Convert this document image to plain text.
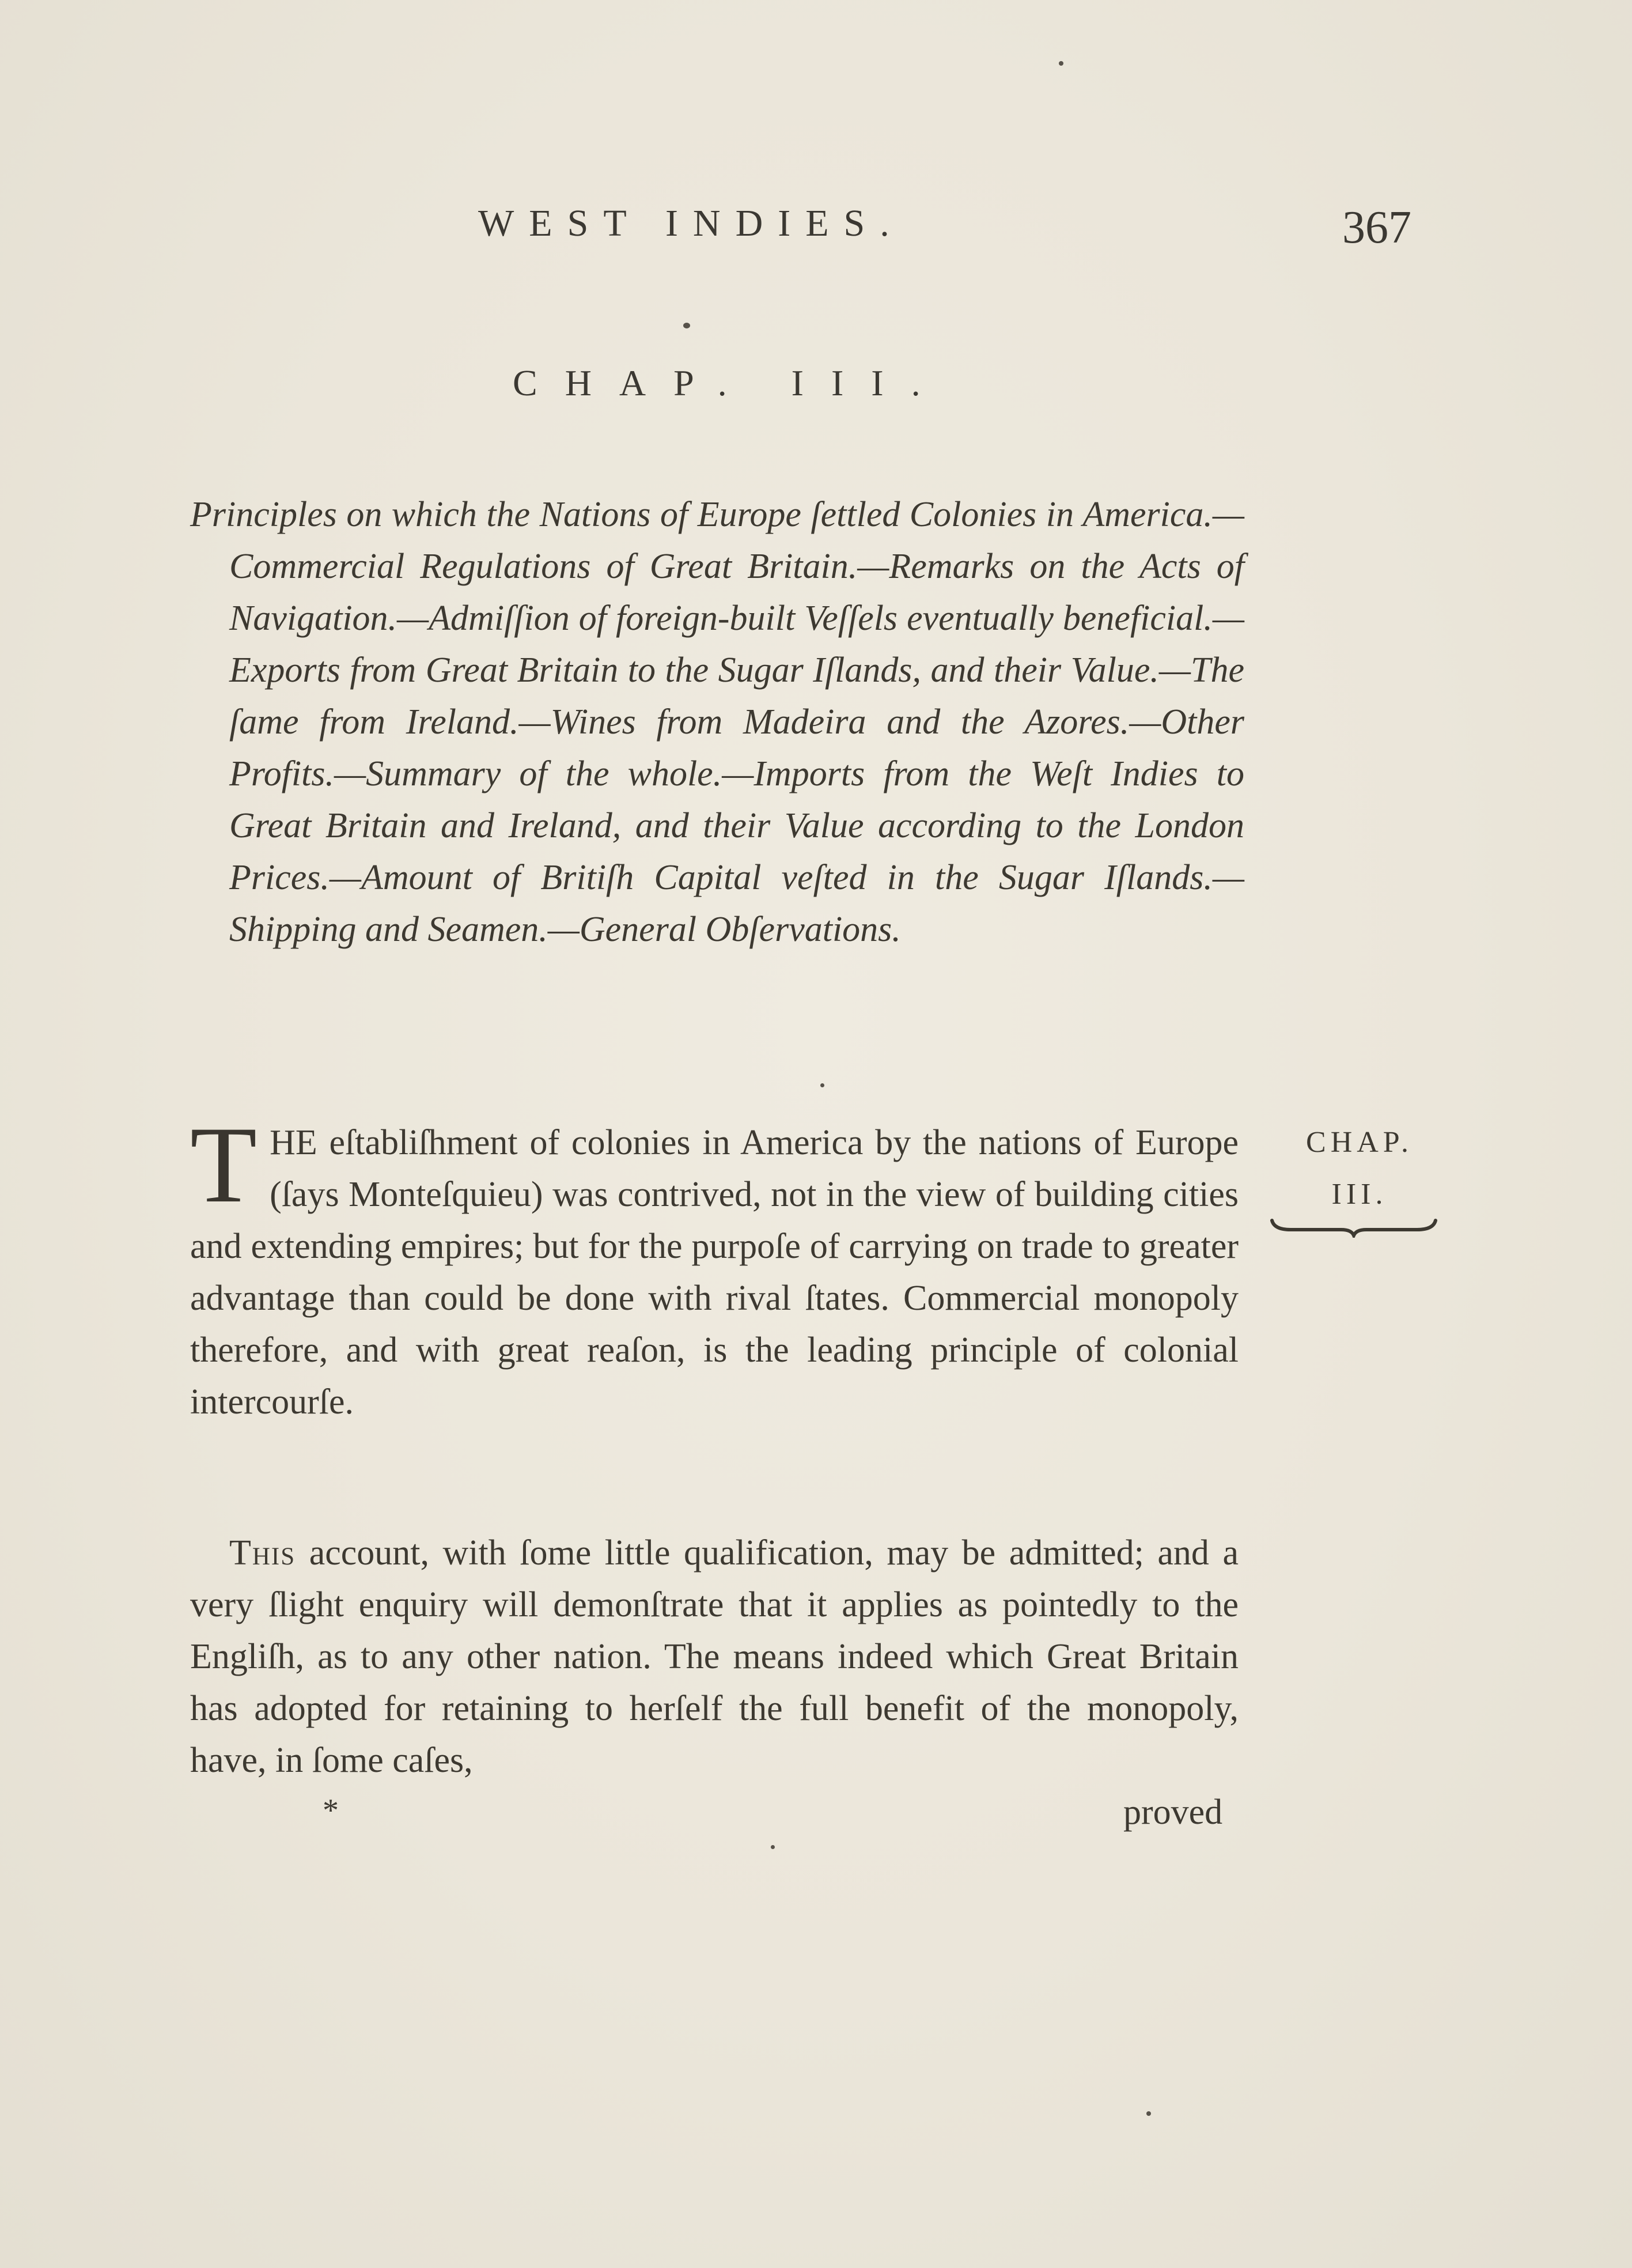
WEST INDIES.	367
CHAP. III.
Principles on which the Nations of Europe ſettled Colonies in America.—Commercial Regulations of Great Britain.—Remarks on the Acts of Navigation.—Admiſſion of foreign-built Veſſels eventually beneficial.—Exports from Great Britain to the Sugar Iſlands, and their Value.—The ſame from Ireland.—Wines from Madeira and the Azores.—Other Profits.—Summary of the whole.—Imports from the Weſt Indies to Great Britain and Ireland, and their Value according to the London Prices.—Amount of Britiſh Capital veſted in the Sugar Iſlands.—Shipping and Seamen.—General Obſervations.
THE eſtabliſhment of colonies in America by the nations of Europe (ſays Monteſquieu) was contrived, not in the view of building cities and extending empires; but for the purpoſe of carrying on trade to greater advantage than could be done with rival ſtates. Commercial monopoly therefore, and with great reaſon, is the leading principle of colonial intercourſe.
CHAP.
III.
This account, with ſome little qualification, may be admitted; and a very ſlight enquiry will demonſtrate that it applies as pointedly to the Engliſh, as to any other nation. The means indeed which Great Britain has adopted for retaining to herſelf the full benefit of the monopoly, have, in ſome caſes,
*	proved
